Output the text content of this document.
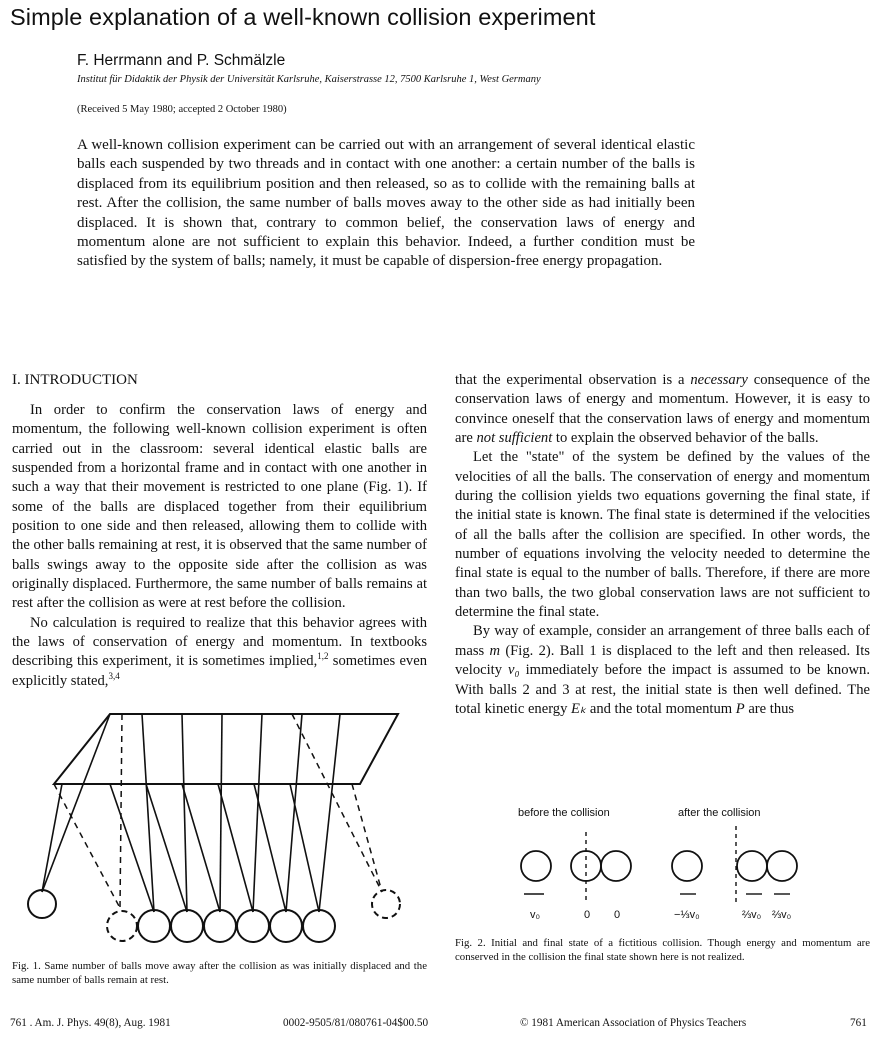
Simple explanation of a well-known collision experiment
F. Herrmann and P. Schmälzle
Institut für Didaktik der Physik der Universität Karlsruhe, Kaiserstrasse 12, 7500 Karlsruhe 1, West Germany
(Received 5 May 1980; accepted 2 October 1980)
A well-known collision experiment can be carried out with an arrangement of several identical elastic balls each suspended by two threads and in contact with one another: a certain number of the balls is displaced from its equilibrium position and then released, so as to collide with the remaining balls at rest. After the collision, the same number of balls moves away to the other side as had initially been displaced. It is shown that, contrary to common belief, the conservation laws of energy and momentum alone are not sufficient to explain this behavior. Indeed, a further condition must be satisfied by the system of balls; namely, it must be capable of dispersion-free energy propagation.
I. INTRODUCTION

In order to confirm the conservation laws of energy and momentum, the following well-known collision experiment is often carried out in the classroom: several identical elastic balls are suspended from a horizontal frame and in contact with one another in such a way that their movement is restricted to one plane (Fig. 1). If some of the balls are displaced together from their equilibrium position to one side and then released, allowing them to collide with the other balls remaining at rest, it is observed that the same number of balls swings away to the opposite side after the collision as was originally displaced. Furthermore, the same number of balls remains at rest after the collision as were at rest before the collision.

No calculation is required to realize that this behavior agrees with the laws of conservation of energy and momentum. In textbooks describing this experiment, it is sometimes implied,$^{1,2}$ sometimes even explicitly stated,$^{3,4}$

that the experimental observation is a necessary consequence of the conservation laws of energy and momentum. However, it is easy to convince oneself that the conservation laws of energy and momentum are not sufficient to explain the observed behavior of the balls.

Let the "state" of the system be defined by the values of the velocities of all the balls. The conservation of energy and momentum during the collision yields two equations governing the final state, if the initial state is known. The final state is determined if the velocities of all the balls after the collision are specified. In other words, the number of equations involving the velocity needed to determine the final state is equal to the number of balls. Therefore, if there are more than two balls, the two global conservation laws are not sufficient to determine the final state.

By way of example, consider an arrangement of three balls each of mass m (Fig. 2). Ball 1 is displaced to the left and then released. Its velocity v₀ immediately before the impact is assumed to be known. With balls 2 and 3 at rest, the initial state is then well defined. The total kinetic energy Eₖ and the total momentum P are thus

before the collision	after the collision
v₀	0 0	−⅓v₀	⅔v₀ ⅔v₀
Fig. 1. Same number of balls move away after the collision as was initially displaced and the same number of balls remain at rest.
Fig. 2. Initial and final state of a fictitious collision. Though energy and momentum are conserved in the collision the final state shown here is not realized.
761 . Am. J. Phys. 49(8), Aug. 1981	0002-9505/81/080761-04$00.50	© 1981 American Association of Physics Teachers	761
